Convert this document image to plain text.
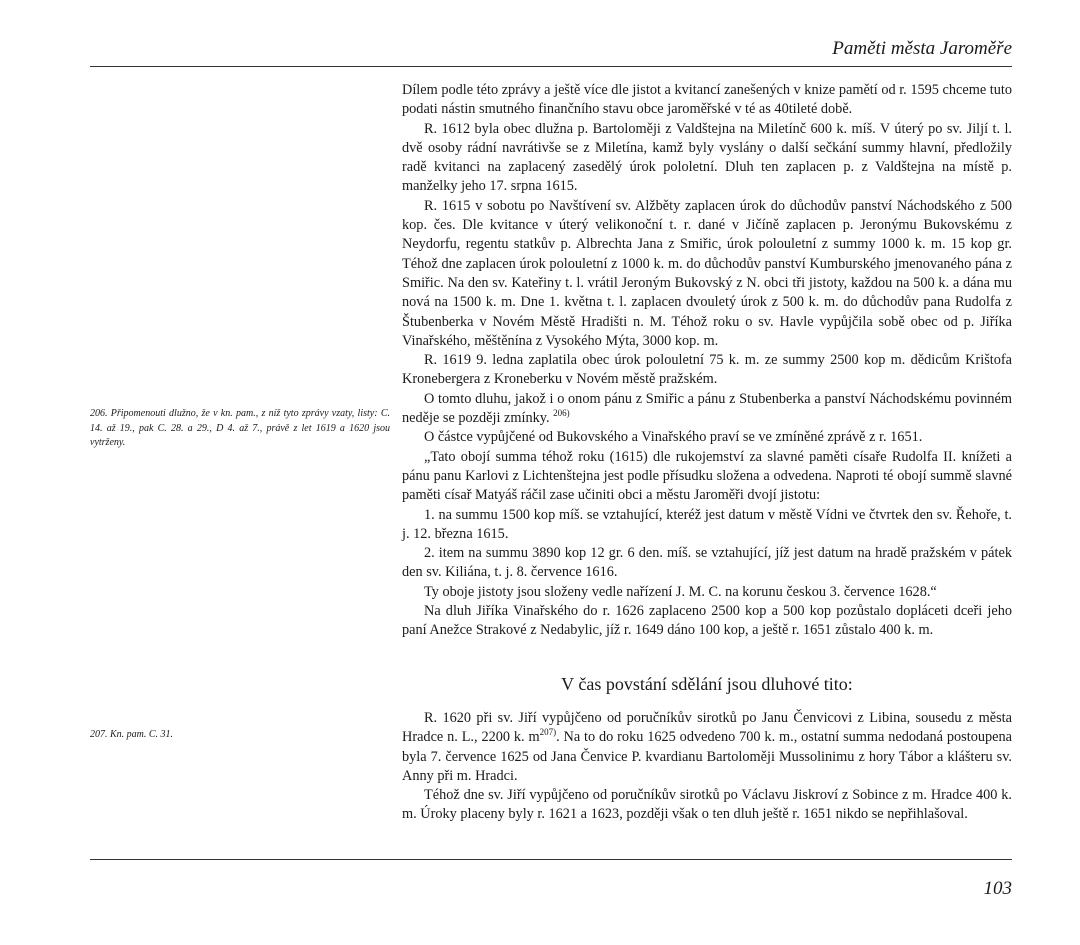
Paměti města Jaroměře
206. Připomenouti dlužno, že v kn. pam., z níž tyto zprávy vzaty, listy: C. 14. až 19., pak C. 28. a 29., D 4. až 7., právě z let 1619 a 1620 jsou vytrženy.
207. Kn. pam. C. 31.

Dílem podle této zprávy a ještě více dle jistot a kvitancí zanešených v knize pamětí od r. 1595 chceme tuto podati nástin smutného finančního stavu obce jaroměřské v té as 40tileté době.

R. 1612 byla obec dlužna p. Bartoloměji z Valdštejna na Miletínč 600 k. míš. V úterý po sv. Jiljí t. l. dvě osoby rádní navrátivše se z Miletína, kamž byly vyslány o další sečkání summy hlavní, předložily radě kvitanci na zaplacený zasedělý úrok pololetní. Dluh ten zaplacen p. z Valdštejna na místě p. manželky jeho 17. srpna 1615.

R. 1615 v sobotu po Navštívení sv. Alžběty zaplacen úrok do důchodův panství Náchodského z 500 kop. čes. Dle kvitance v úterý velikonoční t. r. dané v Jičíně zaplacen p. Jeronýmu Bukovskému z Neydorfu, regentu statkův p. Albrechta Jana z Smiřic, úrok polouletní z summy 1000 k. m. 15 kop gr. Téhož dne zaplacen úrok polouletní z 1000 k. m. do důchodův panství Kumburského jmenovaného pána z Smiřic. Na den sv. Kateřiny t. l. vrátil Jeroným Bukovský z N. obci tři jistoty, každou na 500 k. a dána mu nová na 1500 k. m. Dne 1. května t. l. zaplacen dvouletý úrok z 500 k. m. do důchodův pana Rudolfa z Štubenberka v Novém Městě Hradišti n. M. Téhož roku o sv. Havle vypůjčila sobě obec od p. Jiříka Vinařského, měštěnína z Vysokého Mýta, 3000 kop. m.

R. 1619 9. ledna zaplatila obec úrok polouletní 75 k. m. ze summy 2500 kop m. dědicům Krištofa Kronebergera z Kroneberku v Novém městě pražském.

O tomto dluhu, jakož i o onom pánu z Smiřic a pánu z Stubenberka a panství Náchodskému povinném neděje se později zmínky. $^{206)}$

O částce vypůjčené od Bukovského a Vinařského praví se ve zmíněné zprávě z r. 1651.

„Tato obojí summa téhož roku (1615) dle rukojemství za slavné paměti císaře Rudolfa II. knížeti a pánu panu Karlovi z Lichtenštejna jest podle přísudku složena a odvedena. Naproti té obojí summě slavné paměti císař Matyáš ráčil zase učiniti obci a městu Jaroměři dvojí jistotu:

1. na summu 1500 kop míš. se vztahující, kteréž jest datum v městě Vídni ve čtvrtek den sv. Řehoře, t. j. 12. března 1615.

2. item na summu 3890 kop 12 gr. 6 den. míš. se vztahující, jíž jest datum na hradě pražském v pátek den sv. Kiliána, t. j. 8. července 1616.

Ty oboje jistoty jsou složeny vedle nařízení J. M. C. na korunu českou 3. července 1628.“

Na dluh Jiříka Vinařského do r. 1626 zaplaceno 2500 kop a 500 kop pozůstalo dopláceti dceři jeho paní Anežce Strakové z Nedabylic, jíž r. 1649 dáno 100 kop, a ještě r. 1651 zůstalo 400 k. m.

V čas povstání sdělání jsou dluhové tito:

R. 1620 při sv. Jiří vypůjčeno od poručníkův sirotků po Janu Čenvicovi z Libina, sousedu z města Hradce n. L., 2200 k. $m^{207)}$. Na to do roku 1625 odvedeno 700 k. m., ostatní summa nedodaná postoupena byla 7. července 1625 od Jana Čenvice P. kvardianu Bartoloměji Mussolinimu z hory Tábor a klášteru sv. Anny při m. Hradci.

Téhož dne sv. Jiří vypůjčeno od poručníkův sirotků po Václavu Jiskroví z Sobince z m. Hradce 400 k. m. Úroky placeny byly r. 1621 a 1623, později však o ten dluh ještě r. 1651 nikdo se nepřihlašoval.

103
